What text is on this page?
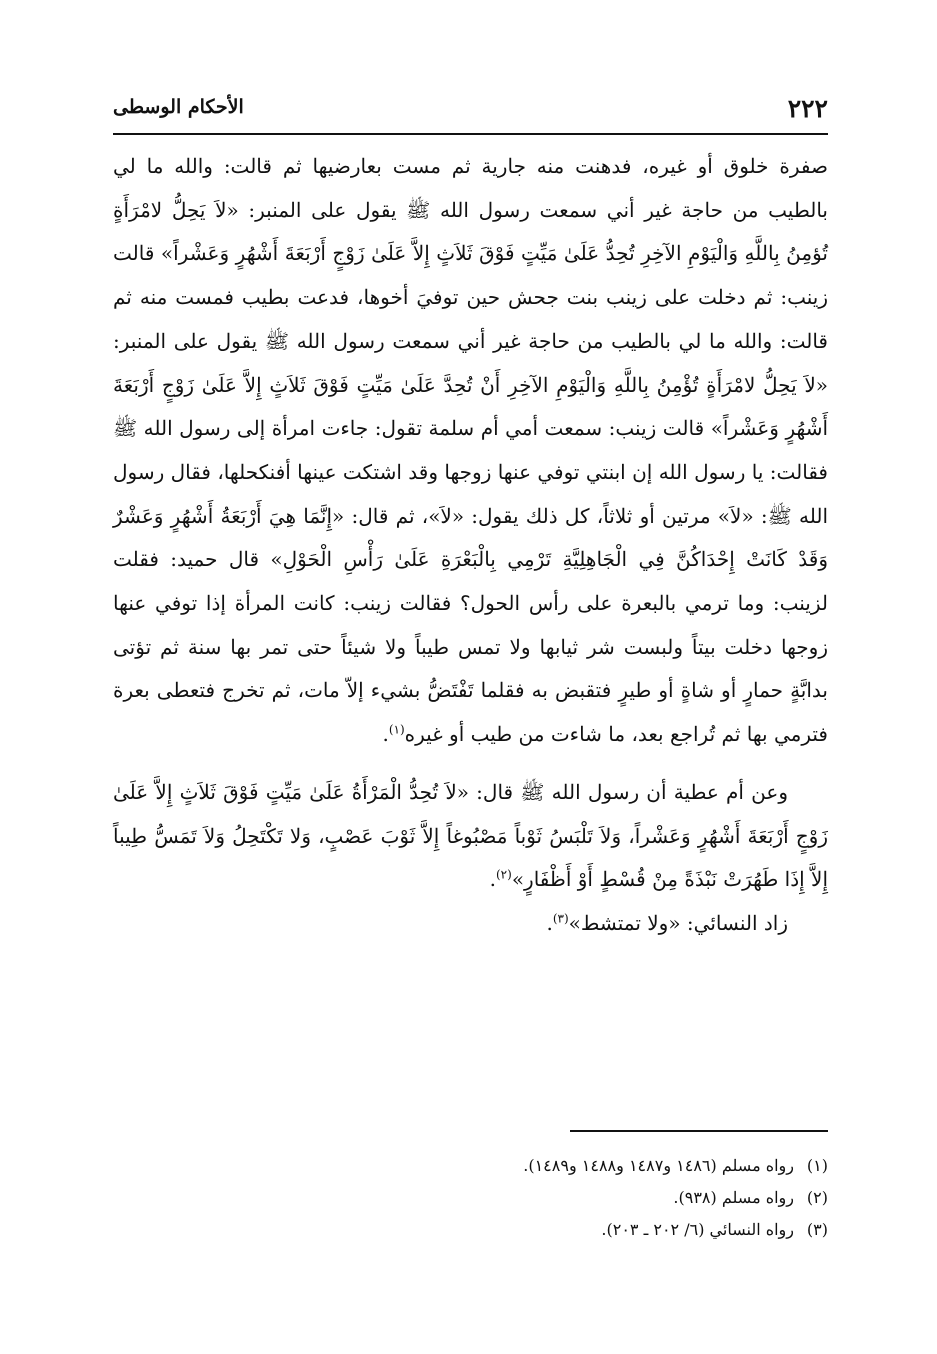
٢٢٢
الأحكام الوسطى

صفرة خلوق أو غيره، فدهنت منه جارية ثم مست بعارضيها ثم قالت: والله ما لي بالطيب من حاجة غير أني سمعت رسول الله ﷺ يقول على المنبر: «لاَ يَحِلُّ لامْرَأَةٍ تُؤمِنُ بِاللَّهِ وَالْيَوْمِ الآخِرِ تُحِدُّ عَلَىٰ مَيِّتٍ فَوْقَ ثَلاَثٍ إِلاَّ عَلَىٰ زَوْجٍ أَرْبَعَةَ أَشْهُرٍ وَعَشْراً» قالت زينب: ثم دخلت على زينب بنت جحش حين توفيَ أخوها، فدعت بطيب فمست منه ثم قالت: والله ما لي بالطيب من حاجة غير أني سمعت رسول الله ﷺ يقول على المنبر: «لاَ يَحِلُّ لامْرَأَةٍ تُؤْمِنُ بِاللَّهِ وَالْيَوْمِ الآخِرِ أَنْ تُحِدَّ عَلَىٰ مَيِّتٍ فَوْقَ ثَلاَثٍ إِلاَّ عَلَىٰ زَوْجٍ أَرْبَعَةَ أَشْهُرٍ وَعَشْراً» قالت زينب: سمعت أمي أم سلمة تقول: جاءت امرأة إلى رسول الله ﷺ فقالت: يا رسول الله إن ابنتي توفي عنها زوجها وقد اشتكت عينها أفنكحلها، فقال رسول الله ﷺ: «لاَ» مرتين أو ثلاثاً، كل ذلك يقول: «لاَ»، ثم قال: «إِنَّمَا هِيَ أَرْبَعَةُ أَشْهُرٍ وَعَشْرٌ وَقَدْ كَانَتْ إِحْدَاكُنَّ فِي الْجَاهِلِيَّةِ تَرْمِي بِالْبَعْرَةِ عَلَىٰ رَأْسِ الْحَوْلِ» قال حميد: فقلت لزينب: وما ترمي بالبعرة على رأس الحول؟ فقالت زينب: كانت المرأة إذا توفي عنها زوجها دخلت بيتاً ولبست شر ثيابها ولا تمس طيباً ولا شيئاً حتى تمر بها سنة ثم تؤتى بدابَّةٍ حمارٍ أو شاةٍ أو طيرٍ فتقبض به فقلما تَفْتَضُّ بشيء إلاّ مات، ثم تخرج فتعطى بعرة فترمي بها ثم تُراجع بعد، ما شاءت من طيب أو غيره$^{(١)}$.

وعن أم عطية أن رسول الله ﷺ قال: «لاَ تُحِدُّ الْمَرْأَةُ عَلَىٰ مَيِّتٍ فَوْقَ ثَلاَثٍ إِلاَّ عَلَىٰ زَوْجٍ أَرْبَعَةَ أَشْهُرٍ وَعَشْراً، وَلاَ تَلْبَسُ ثَوْباً مَصْبُوغاً إِلاَّ ثَوْبَ عَصْبٍ، وَلا تَكْتَحِلُ وَلاَ تَمَسُّ طِيباً إِلاَّ إِذَا طَهُرَتْ نَبْذَةً مِنْ قُسْطٍ أَوْ أَظْفَارٍ»$^{(٢)}$.

زاد النسائي: «ولا تمتشط»$^{(٣)}$.

(١)رواه مسلم (١٤٨٦ و١٤٨٧ و١٤٨٨ و١٤٨٩).
(٢)رواه مسلم (٩٣٨).
(٣)رواه النسائي (٦/ ٢٠٢ ـ ٢٠٣).
